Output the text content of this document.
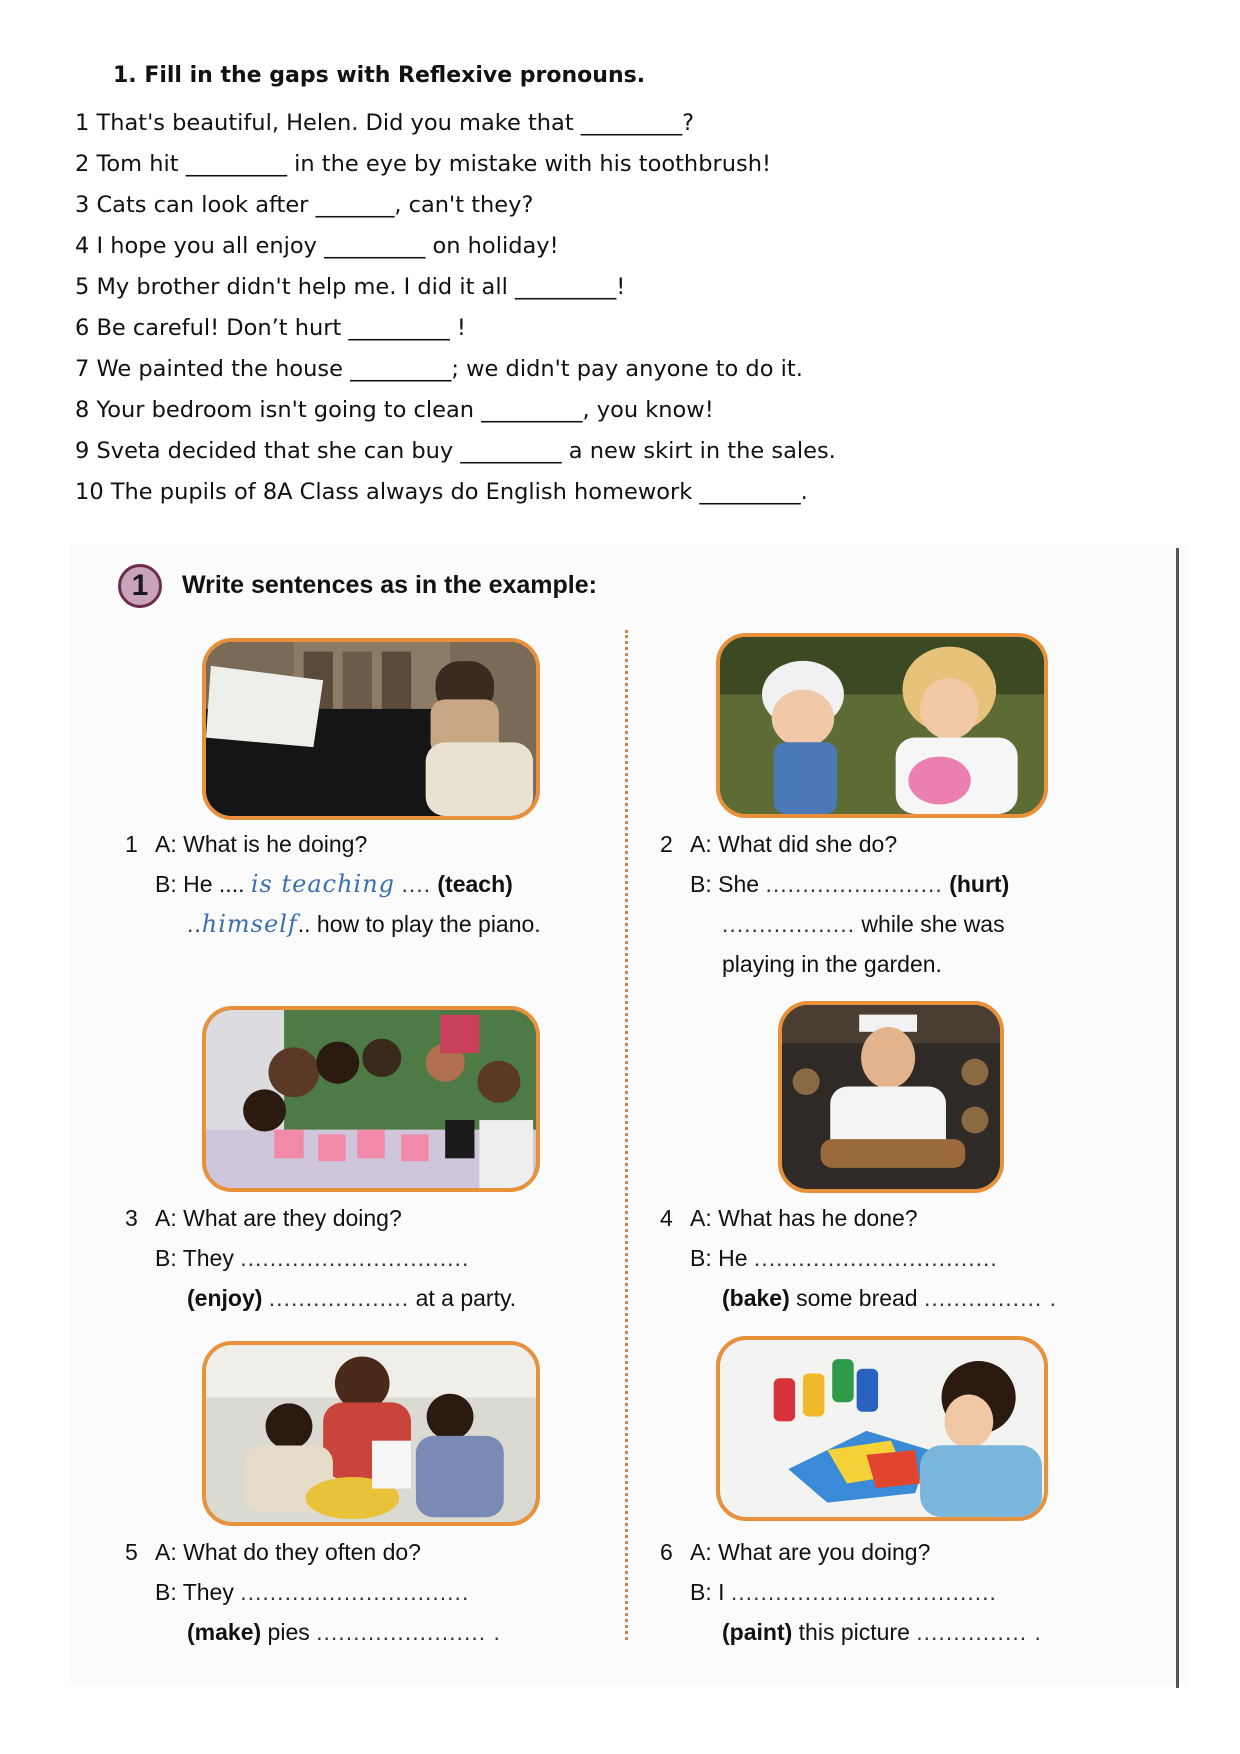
1. Fill in the gaps with Reflexive pronouns.
1 That's beautiful, Helen. Did you make that _________?
2 Tom hit _________ in the eye by mistake with his toothbrush!
3 Cats can look after _______, can't they?
4 I hope you all enjoy _________ on holiday!
5 My brother didn't help me. I did it all _________!
6 Be careful! Don’t hurt _________ !
7 We painted the house _________; we didn't pay anyone to do it.
8 Your bedroom isn't going to clean _________, you know!
9 Sveta decided that she can buy _________ a new skirt in the sales.
10 The pupils of 8A Class always do English homework _________.
1	Write sentences as in the example:
1 A: What is he doing?
B: He .... is teaching .... (teach)
..himself.. how to play the piano.
2 A: What did she do?
B: She ........................ (hurt)
.................. while she was
playing in the garden.
3 A: What are they doing?
B: They ...............................
(enjoy) ................... at a party.
4 A: What has he done?
B: He .................................
(bake) some bread ................ .
5 A: What do they often do?
B: They ...............................
(make) pies ....................... .
6 A: What are you doing?
B: I ....................................
(paint) this picture ............... .
